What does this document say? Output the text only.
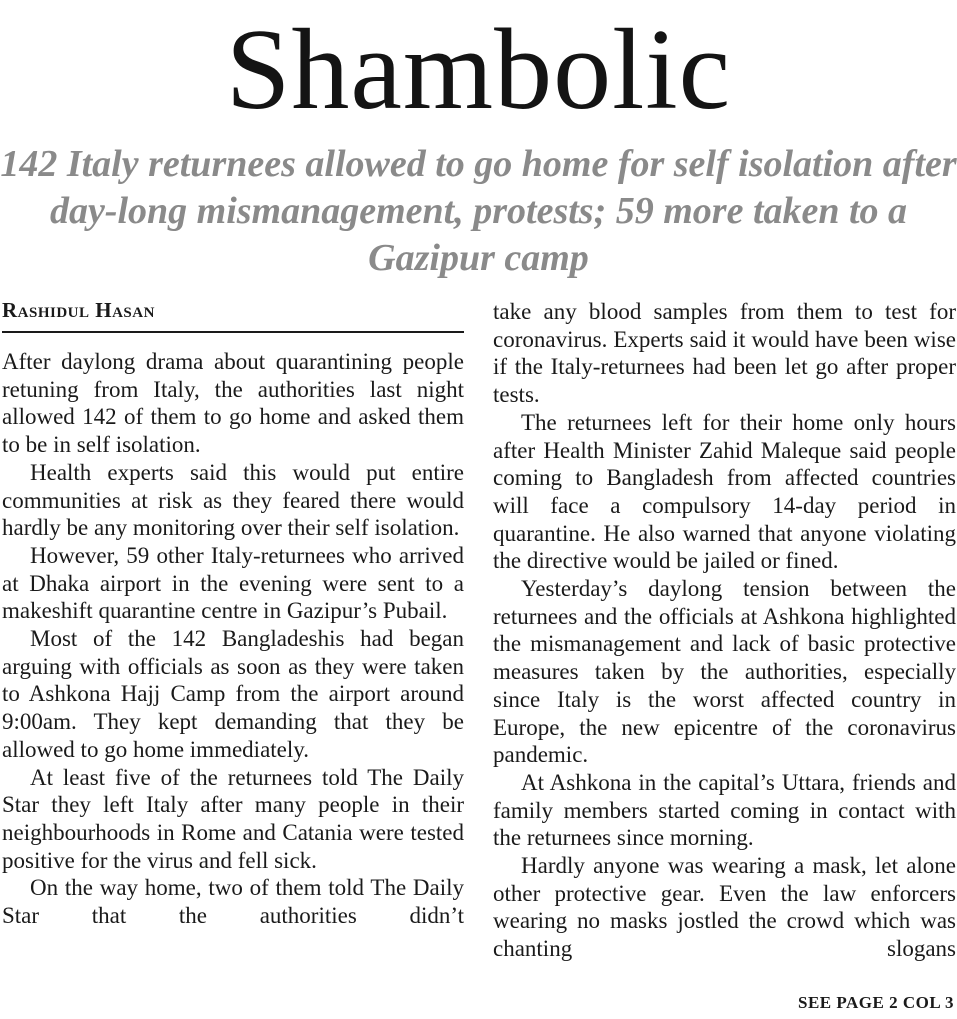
Shambolic
142 Italy returnees allowed to go home for self isolation after day-long mismanagement, protests; 59 more taken to a Gazipur camp
Rashidul Hasan

After daylong drama about quarantining people retuning from Italy, the authorities last night allowed 142 of them to go home and asked them to be in self isolation.

Health experts said this would put entire communities at risk as they feared there would hardly be any monitoring over their self isolation.

However, 59 other Italy-returnees who arrived at Dhaka airport in the evening were sent to a makeshift quarantine centre in Gazipur’s Pubail.

Most of the 142 Bangladeshis had began arguing with officials as soon as they were taken to Ashkona Hajj Camp from the airport around 9:00am. They kept demanding that they be allowed to go home immediately.

At least five of the returnees told The Daily Star they left Italy after many people in their neighbourhoods in Rome and Catania were tested positive for the virus and fell sick.

On the way home, two of them told The Daily Star that the authorities didn’t

take any blood samples from them to test for coronavirus. Experts said it would have been wise if the Italy-returnees had been let go after proper tests.

The returnees left for their home only hours after Health Minister Zahid Maleque said people coming to Bangladesh from affected countries will face a compulsory 14-day period in quarantine. He also warned that anyone violating the directive would be jailed or fined.

Yesterday’s daylong tension between the returnees and the officials at Ashkona highlighted the mismanagement and lack of basic protective measures taken by the authorities, especially since Italy is the worst affected country in Europe, the new epicentre of the coronavirus pandemic.

At Ashkona in the capital’s Uttara, friends and family members started coming in contact with the returnees since morning.

Hardly anyone was wearing a mask, let alone other protective gear. Even the law enforcers wearing no masks jostled the crowd which was chanting slogans

SEE PAGE 2 COL 3
